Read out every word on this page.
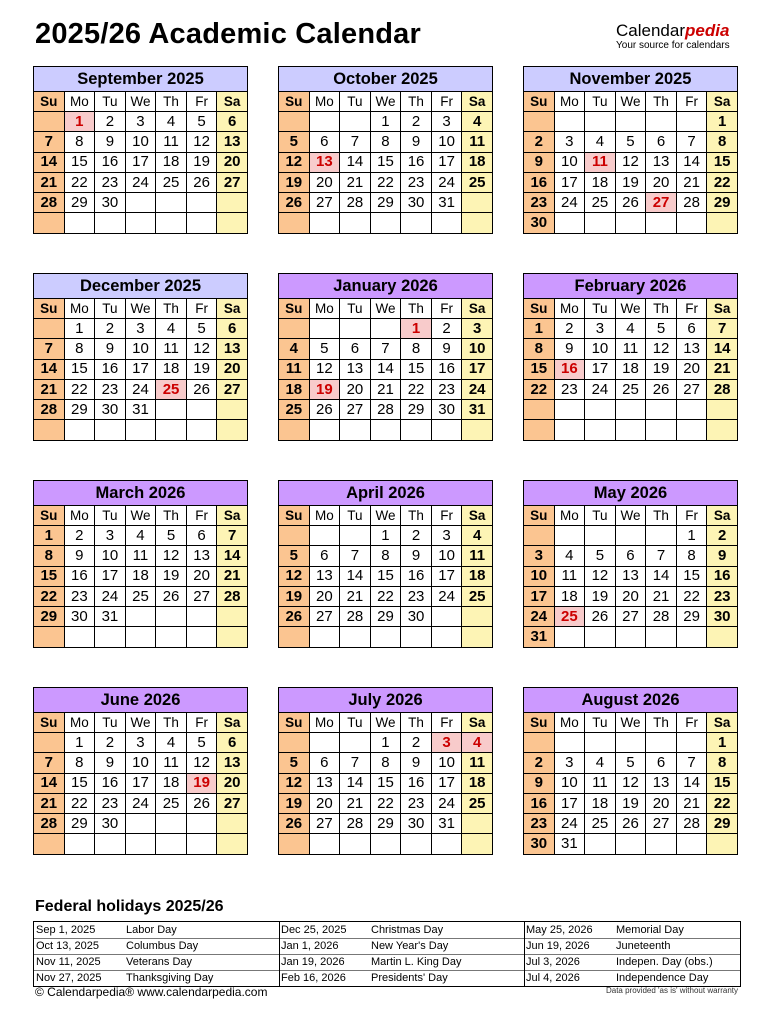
2025/26 Academic Calendar	Calendarpedia
Your source for calendars
September 2025						
Su	Mo	Tu	We	Th	Fr	Sa
	1	2	3	4	5	6
7	8	9	10	11	12	13
14	15	16	17	18	19	20
21	22	23	24	25	26	27
28	29	30				

October 2025						
Su	Mo	Tu	We	Th	Fr	Sa
			1	2	3	4
5	6	7	8	9	10	11
12	13	14	15	16	17	18
19	20	21	22	23	24	25
26	27	28	29	30	31	

November 2025						
Su	Mo	Tu	We	Th	Fr	Sa
						1
2	3	4	5	6	7	8
9	10	11	12	13	14	15
16	17	18	19	20	21	22
23	24	25	26	27	28	29
30						
December 2025						
Su	Mo	Tu	We	Th	Fr	Sa
	1	2	3	4	5	6
7	8	9	10	11	12	13
14	15	16	17	18	19	20
21	22	23	24	25	26	27
28	29	30	31			

January 2026						
Su	Mo	Tu	We	Th	Fr	Sa
				1	2	3
4	5	6	7	8	9	10
11	12	13	14	15	16	17
18	19	20	21	22	23	24
25	26	27	28	29	30	31

February 2026						
Su	Mo	Tu	We	Th	Fr	Sa
1	2	3	4	5	6	7
8	9	10	11	12	13	14
15	16	17	18	19	20	21
22	23	24	25	26	27	28

March 2026						
Su	Mo	Tu	We	Th	Fr	Sa
1	2	3	4	5	6	7
8	9	10	11	12	13	14
15	16	17	18	19	20	21
22	23	24	25	26	27	28
29	30	31				

April 2026						
Su	Mo	Tu	We	Th	Fr	Sa
			1	2	3	4
5	6	7	8	9	10	11
12	13	14	15	16	17	18
19	20	21	22	23	24	25
26	27	28	29	30		

May 2026						
Su	Mo	Tu	We	Th	Fr	Sa
					1	2
3	4	5	6	7	8	9
10	11	12	13	14	15	16
17	18	19	20	21	22	23
24	25	26	27	28	29	30
31						
June 2026						
Su	Mo	Tu	We	Th	Fr	Sa
	1	2	3	4	5	6
7	8	9	10	11	12	13
14	15	16	17	18	19	20
21	22	23	24	25	26	27
28	29	30				

July 2026						
Su	Mo	Tu	We	Th	Fr	Sa
			1	2	3	4
5	6	7	8	9	10	11
12	13	14	15	16	17	18
19	20	21	22	23	24	25
26	27	28	29	30	31	

August 2026						
Su	Mo	Tu	We	Th	Fr	Sa
						1
2	3	4	5	6	7	8
9	10	11	12	13	14	15
16	17	18	19	20	21	22
23	24	25	26	27	28	29
30	31					
Federal holidays 2025/26
Sep 1, 2025	Labor Day
Oct 13, 2025 Columbus Day
Nov 11, 2025 Veterans Day
Nov 27, 2025 Thanksgiving Day
Dec 25, 2025 Christmas Day
Jan 1, 2026	New Year's Day
Jan 19, 2026 Martin L. King Day
Feb 16, 2026 Presidents' Day
May 25, 2026 Memorial Day
Jun 19, 2026 Juneteenth
Jul 3, 2026	Indepen. Day (obs.)
Jul 4, 2026	Independence Day
© Calendarpedia® www.calendarpedia.com	Data provided 'as is' without warranty
